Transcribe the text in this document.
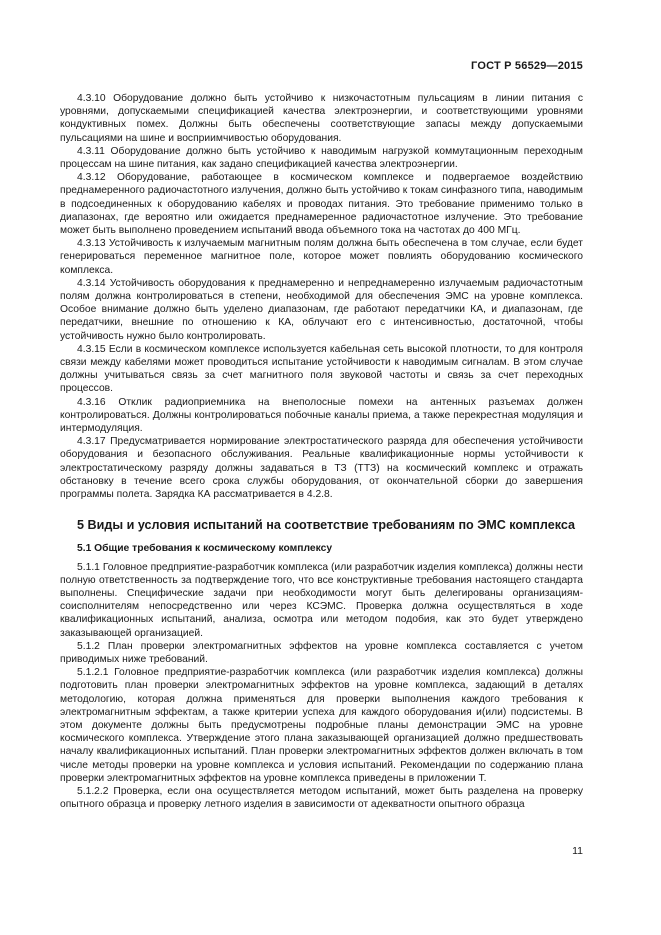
ГОСТ Р 56529—2015

4.3.10 Оборудование должно быть устойчиво к низкочастотным пульсациям в линии питания с уровнями, допускаемыми спецификацией качества электроэнергии, и соответствующими уровнями кондуктивных помех. Должны быть обеспечены соответствующие запасы между допускаемыми пульсациями на шине и восприимчивостью оборудования.

4.3.11 Оборудование должно быть устойчиво к наводимым нагрузкой коммутационным переходным процессам на шине питания, как задано спецификацией качества электроэнергии.

4.3.12 Оборудование, работающее в космическом комплексе и подвергаемое воздействию преднамеренного радиочастотного излучения, должно быть устойчиво к токам синфазного типа, наводимым в подсоединенных к оборудованию кабелях и проводах питания. Это требование применимо только в диапазонах, где вероятно или ожидается преднамеренное радиочастотное излучение. Это требование может быть выполнено проведением испытаний ввода объемного тока на частотах до 400 МГц.

4.3.13 Устойчивость к излучаемым магнитным полям должна быть обеспечена в том случае, если будет генерироваться переменное магнитное поле, которое может повлиять оборудованию космического комплекса.

4.3.14 Устойчивость оборудования к преднамеренно и непреднамеренно излучаемым радиочастотным полям должна контролироваться в степени, необходимой для обеспечения ЭМС на уровне комплекса. Особое внимание должно быть уделено диапазонам, где работают передатчики КА, и диапазонам, где передатчики, внешние по отношению к КА, облучают его с интенсивностью, достаточной, чтобы устойчивость нужно было контролировать.

4.3.15 Если в космическом комплексе используется кабельная сеть высокой плотности, то для контроля связи между кабелями может проводиться испытание устойчивости к наводимым сигналам. В этом случае должны учитываться связь за счет магнитного поля звуковой частоты и связь за счет переходных процессов.

4.3.16 Отклик радиоприемника на внеполосные помехи на антенных разъемах должен контролироваться. Должны контролироваться побочные каналы приема, а также перекрестная модуляция и интермодуляция.

4.3.17 Предусматривается нормирование электростатического разряда для обеспечения устойчивости оборудования и безопасного обслуживания. Реальные квалификационные нормы устойчивости к электростатическому разряду должны задаваться в ТЗ (ТТЗ) на космический комплекс и отражать обстановку в течение всего срока службы оборудования, от окончательной сборки до завершения программы полета. Зарядка КА рассматривается в 4.2.8.

5 Виды и условия испытаний на соответствие требованиям по ЭМС комплекса
5.1 Общие требования к космическому комплексу

5.1.1 Головное предприятие-разработчик комплекса (или разработчик изделия комплекса) должны нести полную ответственность за подтверждение того, что все конструктивные требования настоящего стандарта выполнены. Специфические задачи при необходимости могут быть делегированы организациям-соисполнителям непосредственно или через КСЭМС. Проверка должна осуществляться в ходе квалификационных испытаний, анализа, осмотра или методом подобия, как это будет утверждено заказывающей организацией.

5.1.2 План проверки электромагнитных эффектов на уровне комплекса составляется с учетом приводимых ниже требований.

5.1.2.1 Головное предприятие-разработчик комплекса (или разработчик изделия комплекса) должны подготовить план проверки электромагнитных эффектов на уровне комплекса, задающий в деталях методологию, которая должна применяться для проверки выполнения каждого требования к электромагнитным эффектам, а также критерии успеха для каждого оборудования и(или) подсистемы. В этом документе должны быть предусмотрены подробные планы демонстрации ЭМС на уровне космического комплекса. Утверждение этого плана заказывающей организацией должно предшествовать началу квалификационных испытаний. План проверки электромагнитных эффектов должен включать в том числе методы проверки на уровне комплекса и условия испытаний. Рекомендации по содержанию плана проверки электромагнитных эффектов на уровне комплекса приведены в приложении Т.

5.1.2.2 Проверка, если она осуществляется методом испытаний, может быть разделена на проверку опытного образца и проверку летного изделия в зависимости от адекватности опытного образца

11
